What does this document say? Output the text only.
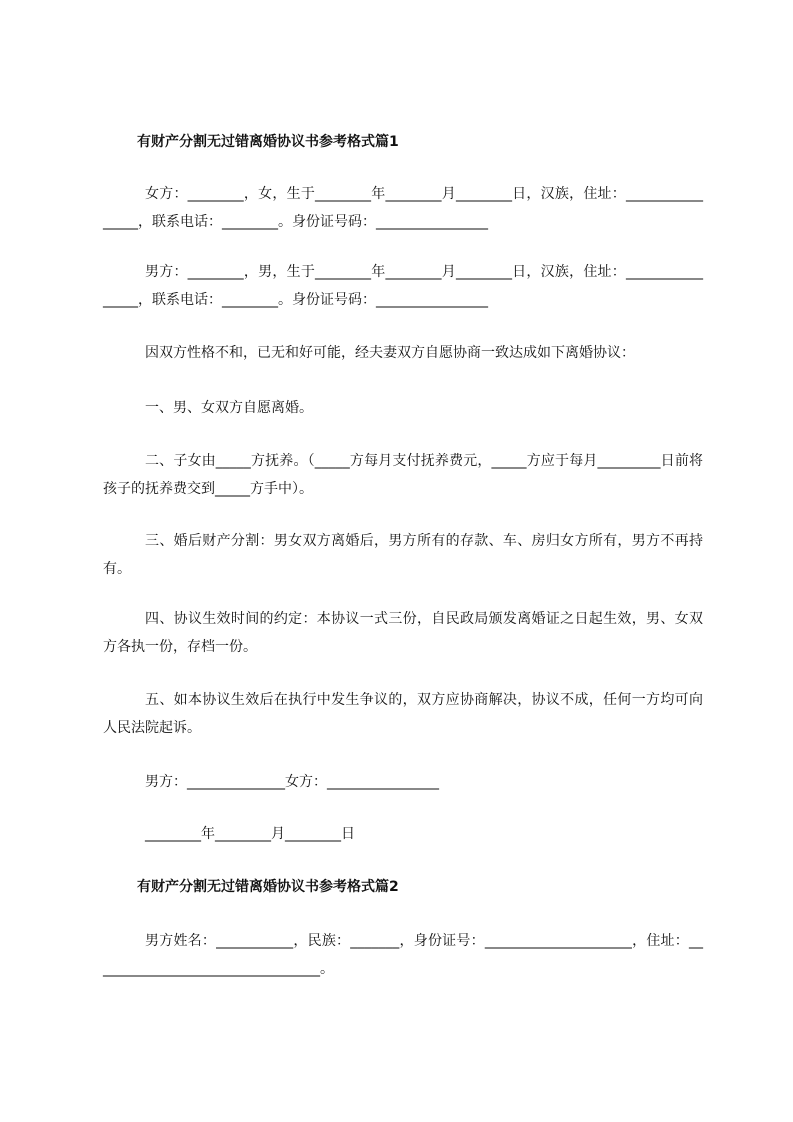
有财产分割无过错离婚协议书参考格式篇1

女方：________，女，生于________年________月________日，汉族，住址：________________，联系电话：________。身份证号码：________________

男方：________，男，生于________年________月________日，汉族，住址：________________，联系电话：________。身份证号码：________________

因双方性格不和，已无和好可能，经夫妻双方自愿协商一致达成如下离婚协议：

一、男、女双方自愿离婚。

二、子女由_____方抚养。（_____方每月支付抚养费元，_____方应于每月_________日前将孩子的抚养费交到_____方手中）。

三、婚后财产分割：男女双方离婚后，男方所有的存款、车、房归女方所有，男方不再持有。

四、协议生效时间的约定：本协议一式三份，自民政局颁发离婚证之日起生效，男、女双方各执一份，存档一份。

五、如本协议生效后在执行中发生争议的，双方应协商解决，协议不成，任何一方均可向人民法院起诉。

男方：______________女方：________________
________年________月________日
有财产分割无过错离婚协议书参考格式篇2

男方姓名：___________，民族：_______，身份证号：_____________________，住址：_________________________________。
